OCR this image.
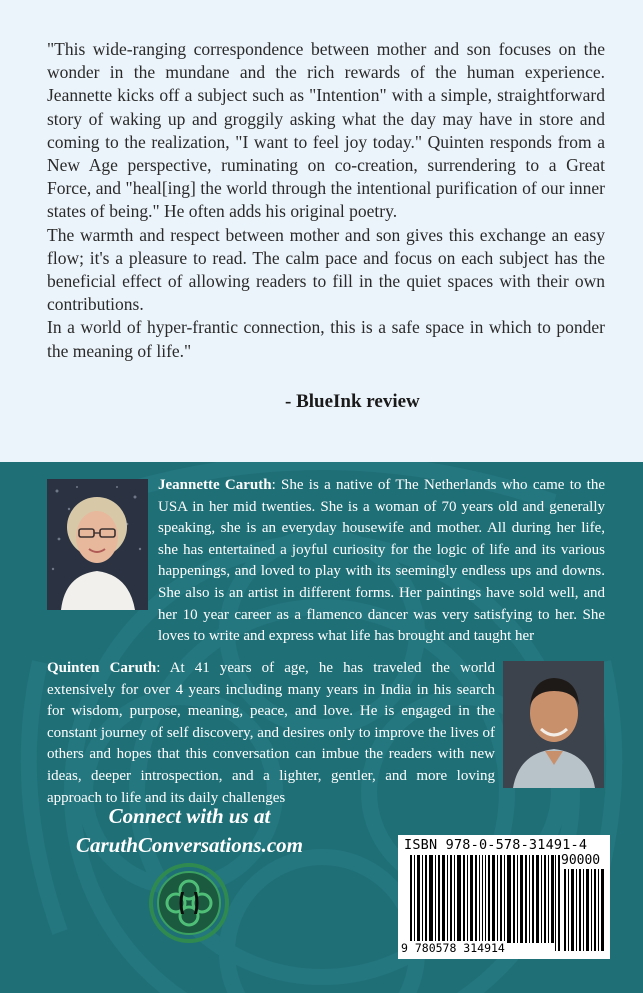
"This wide-ranging correspondence between mother and son focuses on the wonder in the mundane and the rich rewards of the human experience. Jeannette kicks off a subject such as "Intention" with a simple, straightforward story of waking up and groggily asking what the day may have in store and coming to the realization, "I want to feel joy today." Quinten responds from a New Age perspective, ruminating on co-creation, surrendering to a Great Force, and "heal[ing] the world through the intentional purification of our inner states of being." He often adds his original poetry.

The warmth and respect between mother and son gives this exchange an easy flow; it's a pleasure to read. The calm pace and focus on each subject has the beneficial effect of allowing readers to fill in the quiet spaces with their own contributions.

In a world of hyper-frantic connection, this is a safe space in which to ponder the meaning of life."

- BlueInk review
Jeannette Caruth: She is a native of The Netherlands who came to the USA in her mid twenties. She is a woman of 70 years old and generally speaking, she is an everyday housewife and mother. All during her life, she has entertained a joyful curiosity for the logic of life and its various happenings, and loved to play with its seemingly endless ups and downs. She also is an artist in different forms. Her paintings have sold well, and her 10 year career as a flamenco dancer was very satisfying to her. She loves to write and express what life has brought and taught her
Quinten Caruth: At 41 years of age, he has traveled the world extensively for over 4 years including many years in India in his search for wisdom, purpose, meaning, peace, and love. He is engaged in the constant journey of self discovery, and desires only to improve the lives of others and hopes that this conversation can imbue the readers with new ideas, deeper introspection, and a lighter, gentler, and more loving approach to life and its daily challenges
Connect with us at
CaruthConversations.com	ISBN 978-0-578-31491-4
90000
9 780578 314914
